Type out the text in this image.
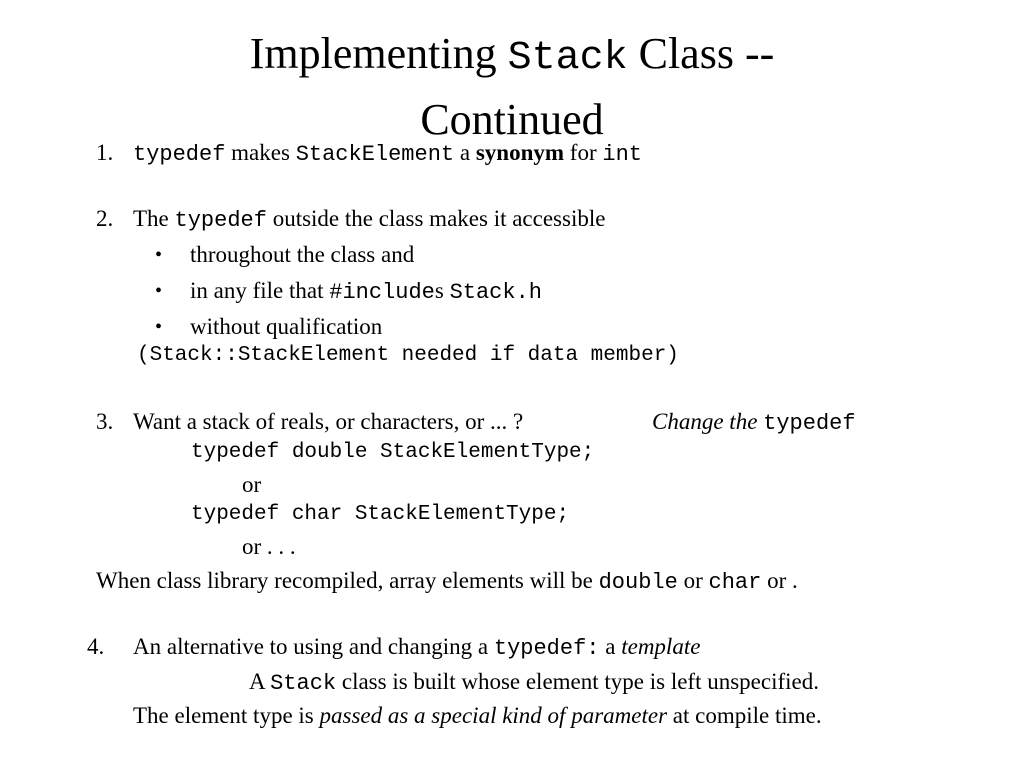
Implementing Stack Class --
Continued
1. typedef makes StackElement a synonym for int
2. The typedef outside the class makes it accessible
• throughout the class and
• in any file that #includes Stack.h
• without qualification
(Stack::StackElement needed if data member)
3. Want a stack of reals, or characters, or ... ?	Change the typedef
typedef double StackElementType;
or
typedef char StackElementType;
or . . .
When class library recompiled, array elements will be double or char or .
4. An alternative to using and changing a typedef: a template
A Stack class is built whose element type is left unspecified.
The element type is passed as a special kind of parameter at compile time.
